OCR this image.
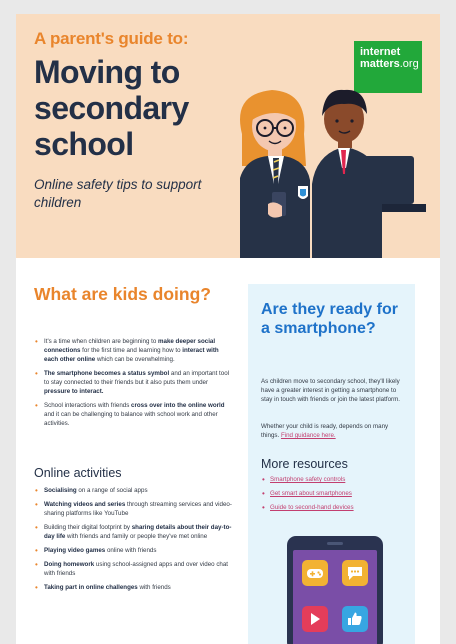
A parent's guide to:
Moving to secondary school
Online safety tips to support children
internet
matters.org
What are kids doing?
• It's a time when children are beginning to make deeper social connections for the first time and learning how to interact with each other online which can be overwhelming.
• The smartphone becomes a status symbol and an important tool to stay connected to their friends but it also puts them under pressure to interact.
• School interactions with friends cross over into the online world and it can be challenging to balance with school work and other activities.
Online activities
• Socialising on a range of social apps
• Watching videos and series through streaming services and video-sharing platforms like YouTube
• Building their digital footprint by sharing details about their day-to-day life with friends and family or people they've met online
• Playing video games online with friends
• Doing homework using school-assigned apps and over video chat with friends
• Taking part in online challenges with friends
Are they ready for a smartphone?

As children move to secondary school, they'll likely have a greater interest in getting a smartphone to stay in touch with friends or join the latest platform.

Whether your child is ready, depends on many things. Find guidance here.

More resources
• Smartphone safety controls
• Get smart about smartphones
• Guide to second-hand devices
